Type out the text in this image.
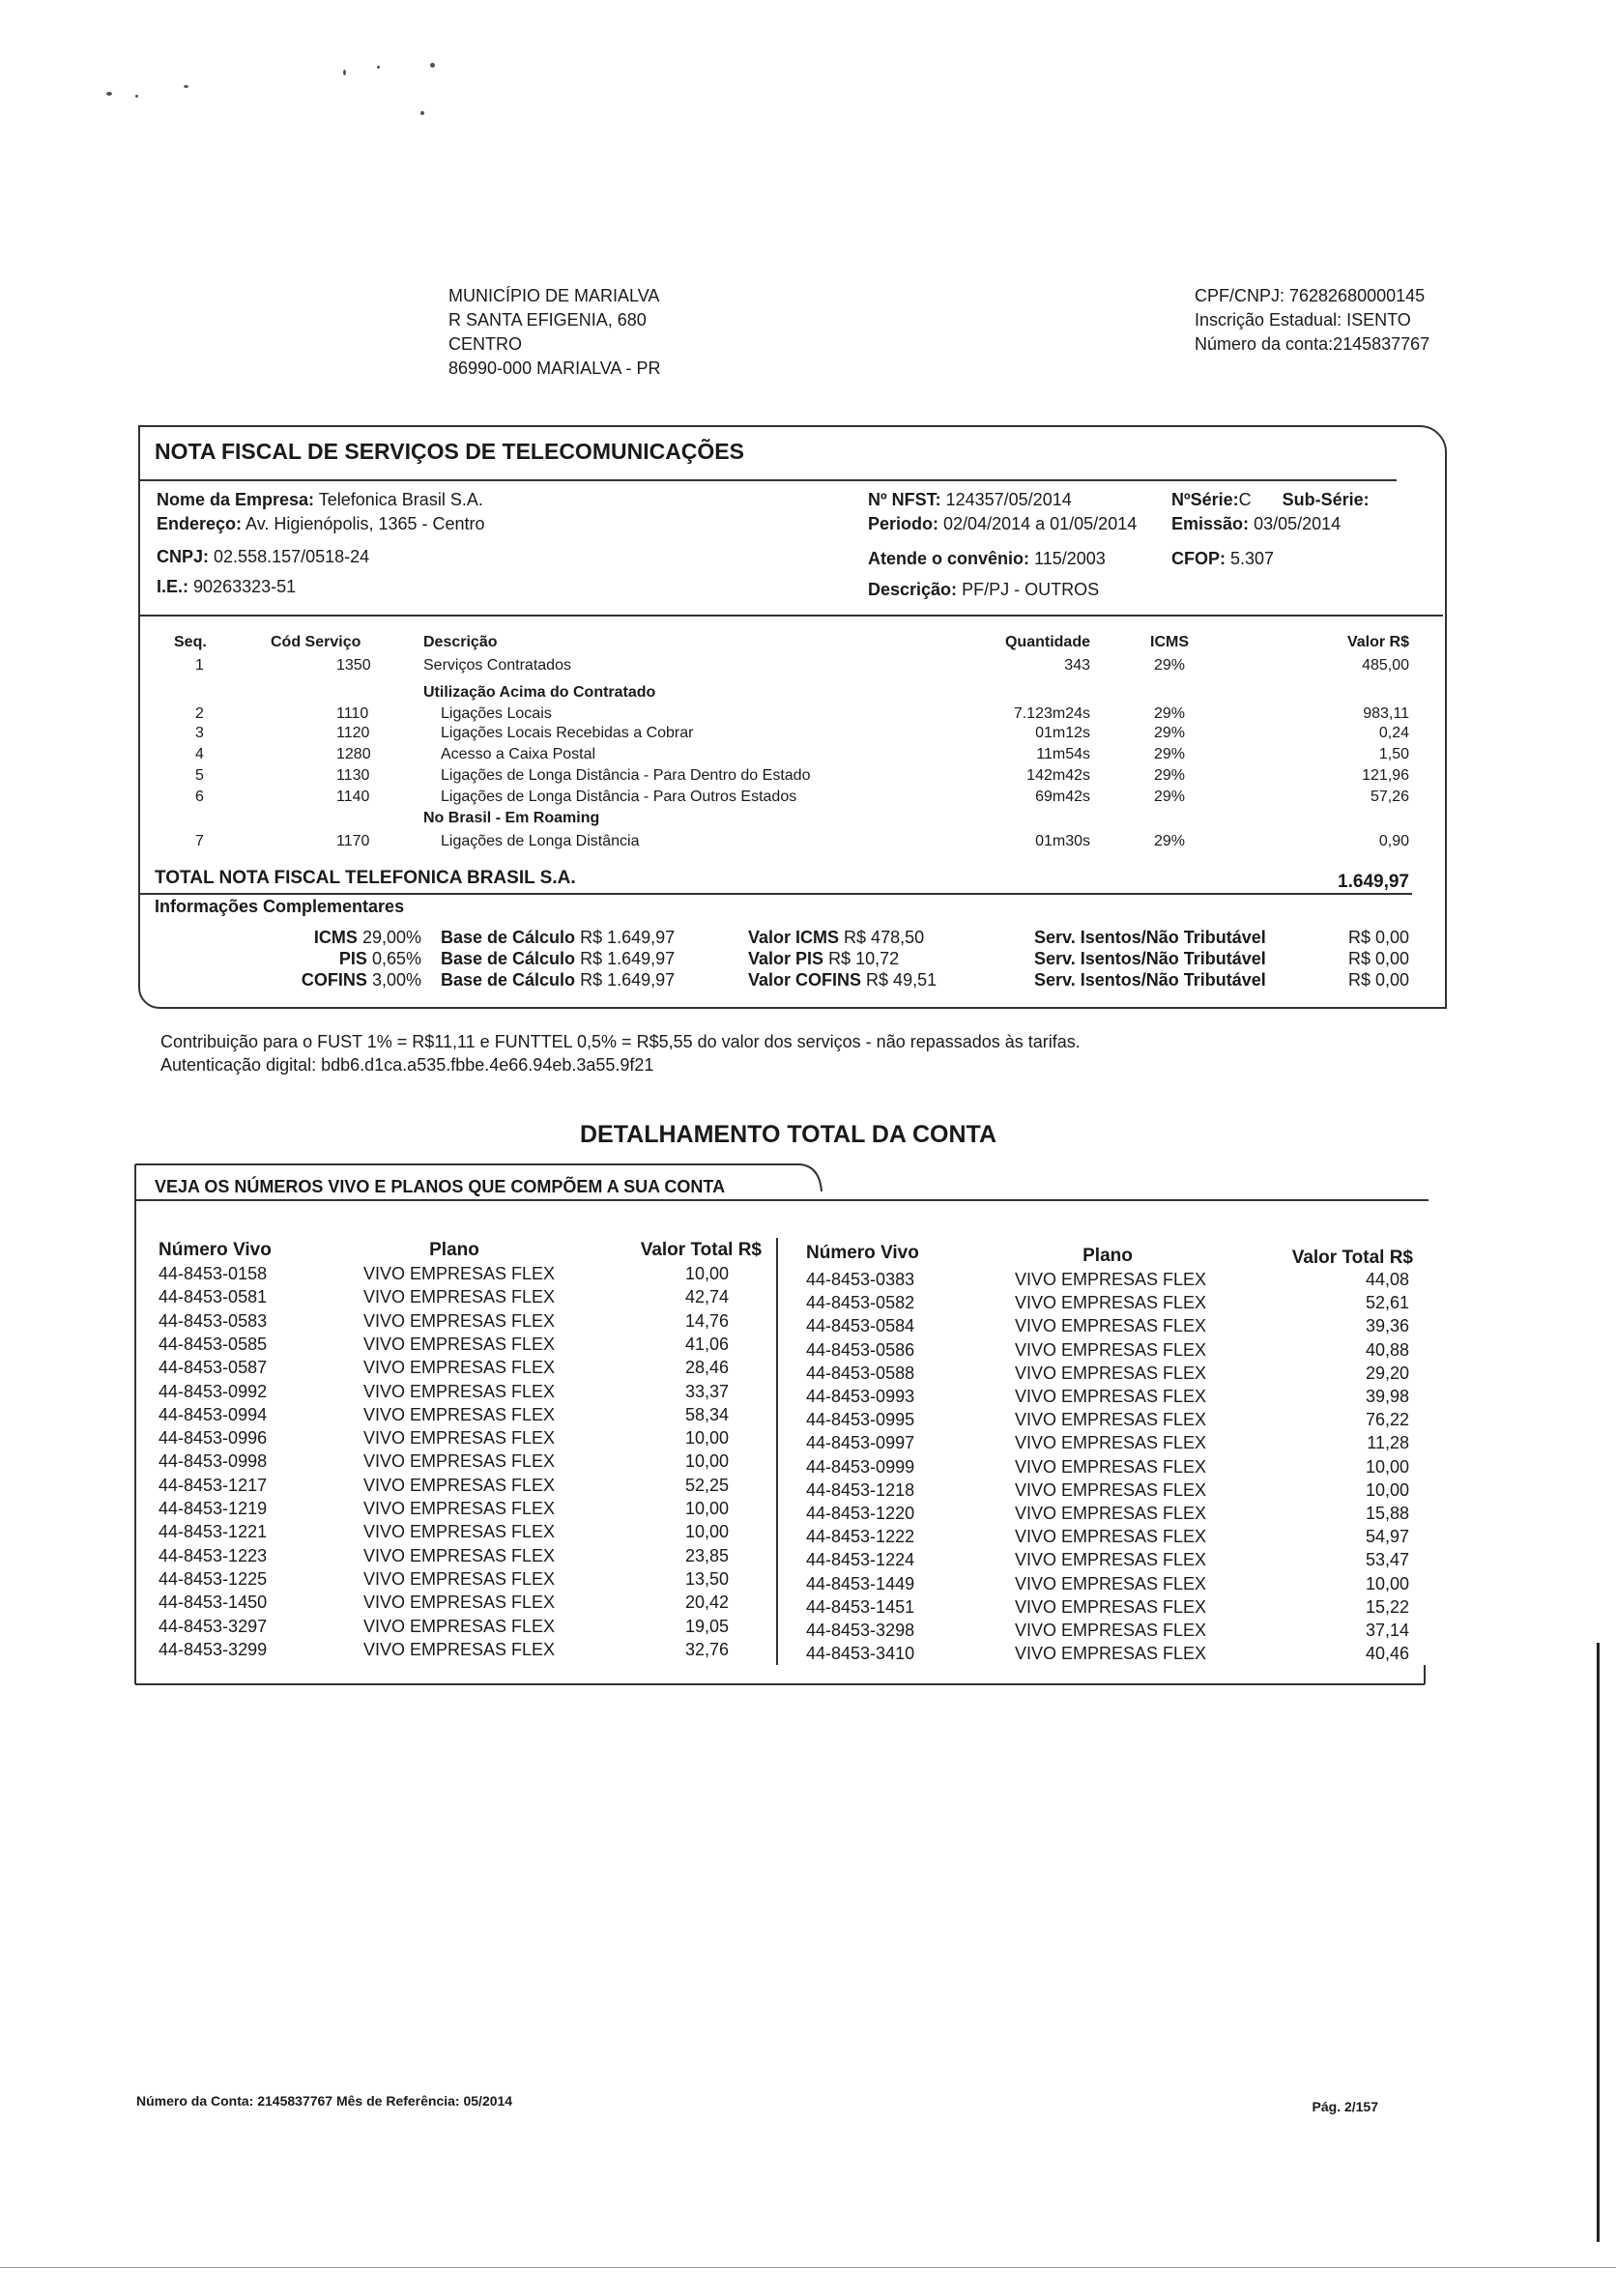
MUNICÍPIO DE MARIALVA
R SANTA EFIGENIA, 680
CENTRO
86990-000 MARIALVA - PR
CPF/CNPJ: 76282680000145
Inscrição Estadual: ISENTO
Número da conta:2145837767
NOTA FISCAL DE SERVIÇOS DE TELECOMUNICAÇÕES
Nome da Empresa: Telefonica Brasil S.A.
Endereço: Av. Higienópolis, 1365 - Centro
CNPJ: 02.558.157/0518-24
I.E.: 90263323-51
Nº NFST: 124357/05/2014
Periodo: 02/04/2014 a 01/05/2014
Atende o convênio: 115/2003
Descrição: PF/PJ - OUTROS
NºSérie:C Sub-Série:
Emissão: 03/05/2014
CFOP: 5.307
Seq.	Cód Serviço	Descrição	Quantidade	ICMS	Valor R$
1	1350	Serviços Contratados	343	29%	485,00
Utilização Acima do Contratado
2	1110	Ligações Locais	7.123m24s	29%	983,11
3	1120	Ligações Locais Recebidas a Cobrar	01m12s	29%	0,24
4	1280	Acesso a Caixa Postal	11m54s	29%	1,50
5	1130	Ligações de Longa Distância - Para Dentro do Estado	142m42s	29%	121,96
6	1140	Ligações de Longa Distância - Para Outros Estados	69m42s	29%	57,26
No Brasil - Em Roaming
7	1170	Ligações de Longa Distância	01m30s	29%	0,90
TOTAL NOTA FISCAL TELEFONICA BRASIL S.A.	1.649,97
Informações Complementares
ICMS 29,00% Base de Cálculo R$ 1.649,97	Valor ICMS R$ 478,50	Serv. Isentos/Não Tributável	R$ 0,00
PIS 0,65% Base de Cálculo R$ 1.649,97	Valor PIS R$ 10,72	Serv. Isentos/Não Tributável	R$ 0,00
COFINS 3,00% Base de Cálculo R$ 1.649,97	Valor COFINS R$ 49,51	Serv. Isentos/Não Tributável	R$ 0,00
Contribuição para o FUST 1% = R$11,11 e FUNTTEL 0,5% = R$5,55 do valor dos serviços - não repassados às tarifas.
Autenticação digital: bdb6.d1ca.a535.fbbe.4e66.94eb.3a55.9f21
DETALHAMENTO TOTAL DA CONTA
VEJA OS NÚMEROS VIVO E PLANOS QUE COMPÕEM A SUA CONTA
Número Vivo	Plano	Valor Total R$ Número Vivo	Plano	Valor Total R$
44-8453-0158	VIVO EMPRESAS FLEX	10,00
44-8453-0581	VIVO EMPRESAS FLEX	42,74
44-8453-0583	VIVO EMPRESAS FLEX	14,76
44-8453-0585	VIVO EMPRESAS FLEX	41,06
44-8453-0587	VIVO EMPRESAS FLEX	28,46
44-8453-0992	VIVO EMPRESAS FLEX	33,37
44-8453-0994	VIVO EMPRESAS FLEX	58,34
44-8453-0996	VIVO EMPRESAS FLEX	10,00
44-8453-0998	VIVO EMPRESAS FLEX	10,00
44-8453-1217	VIVO EMPRESAS FLEX	52,25
44-8453-1219	VIVO EMPRESAS FLEX	10,00
44-8453-1221	VIVO EMPRESAS FLEX	10,00
44-8453-1223	VIVO EMPRESAS FLEX	23,85
44-8453-1225	VIVO EMPRESAS FLEX	13,50
44-8453-1450	VIVO EMPRESAS FLEX	20,42
44-8453-3297	VIVO EMPRESAS FLEX	19,05
44-8453-3299	VIVO EMPRESAS FLEX	32,76
44-8453-0383	VIVO EMPRESAS FLEX	44,08
44-8453-0582	VIVO EMPRESAS FLEX	52,61
44-8453-0584	VIVO EMPRESAS FLEX	39,36
44-8453-0586	VIVO EMPRESAS FLEX	40,88
44-8453-0588	VIVO EMPRESAS FLEX	29,20
44-8453-0993	VIVO EMPRESAS FLEX	39,98
44-8453-0995	VIVO EMPRESAS FLEX	76,22
44-8453-0997	VIVO EMPRESAS FLEX	11,28
44-8453-0999	VIVO EMPRESAS FLEX	10,00
44-8453-1218	VIVO EMPRESAS FLEX	10,00
44-8453-1220	VIVO EMPRESAS FLEX	15,88
44-8453-1222	VIVO EMPRESAS FLEX	54,97
44-8453-1224	VIVO EMPRESAS FLEX	53,47
44-8453-1449	VIVO EMPRESAS FLEX	10,00
44-8453-1451	VIVO EMPRESAS FLEX	15,22
44-8453-3298	VIVO EMPRESAS FLEX	37,14
44-8453-3410	VIVO EMPRESAS FLEX	40,46
Número da Conta: 2145837767 Mês de Referência: 05/2014	Pág. 2/157
